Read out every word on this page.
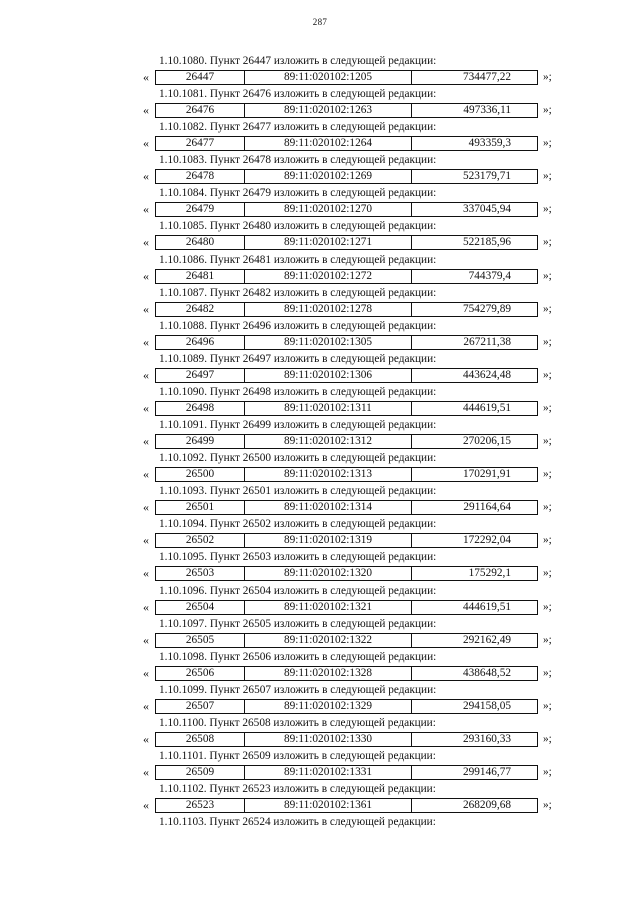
287
1.10.1080. Пункт 26447 изложить в следующей редакции:
«	26447	89:11:020102:1205	734477,22	»;
1.10.1081. Пункт 26476 изложить в следующей редакции:
«	26476	89:11:020102:1263	497336,11	»;
1.10.1082. Пункт 26477 изложить в следующей редакции:
«	26477	89:11:020102:1264	493359,3	»;
1.10.1083. Пункт 26478 изложить в следующей редакции:
«	26478	89:11:020102:1269	523179,71	»;
1.10.1084. Пункт 26479 изложить в следующей редакции:
«	26479	89:11:020102:1270	337045,94	»;
1.10.1085. Пункт 26480 изложить в следующей редакции:
«	26480	89:11:020102:1271	522185,96	»;
1.10.1086. Пункт 26481 изложить в следующей редакции:
«	26481	89:11:020102:1272	744379,4	»;
1.10.1087. Пункт 26482 изложить в следующей редакции:
«	26482	89:11:020102:1278	754279,89	»;
1.10.1088. Пункт 26496 изложить в следующей редакции:
«	26496	89:11:020102:1305	267211,38	»;
1.10.1089. Пункт 26497 изложить в следующей редакции:
«	26497	89:11:020102:1306	443624,48	»;
1.10.1090. Пункт 26498 изложить в следующей редакции:
«	26498	89:11:020102:1311	444619,51	»;
1.10.1091. Пункт 26499 изложить в следующей редакции:
«	26499	89:11:020102:1312	270206,15	»;
1.10.1092. Пункт 26500 изложить в следующей редакции:
«	26500	89:11:020102:1313	170291,91	»;
1.10.1093. Пункт 26501 изложить в следующей редакции:
«	26501	89:11:020102:1314	291164,64	»;
1.10.1094. Пункт 26502 изложить в следующей редакции:
«	26502	89:11:020102:1319	172292,04	»;
1.10.1095. Пункт 26503 изложить в следующей редакции:
«	26503	89:11:020102:1320	175292,1	»;
1.10.1096. Пункт 26504 изложить в следующей редакции:
«	26504	89:11:020102:1321	444619,51	»;
1.10.1097. Пункт 26505 изложить в следующей редакции:
«	26505	89:11:020102:1322	292162,49	»;
1.10.1098. Пункт 26506 изложить в следующей редакции:
«	26506	89:11:020102:1328	438648,52	»;
1.10.1099. Пункт 26507 изложить в следующей редакции:
«	26507	89:11:020102:1329	294158,05	»;
1.10.1100. Пункт 26508 изложить в следующей редакции:
«	26508	89:11:020102:1330	293160,33	»;
1.10.1101. Пункт 26509 изложить в следующей редакции:
«	26509	89:11:020102:1331	299146,77	»;
1.10.1102. Пункт 26523 изложить в следующей редакции:
«	26523	89:11:020102:1361	268209,68	»;
1.10.1103. Пункт 26524 изложить в следующей редакции:
